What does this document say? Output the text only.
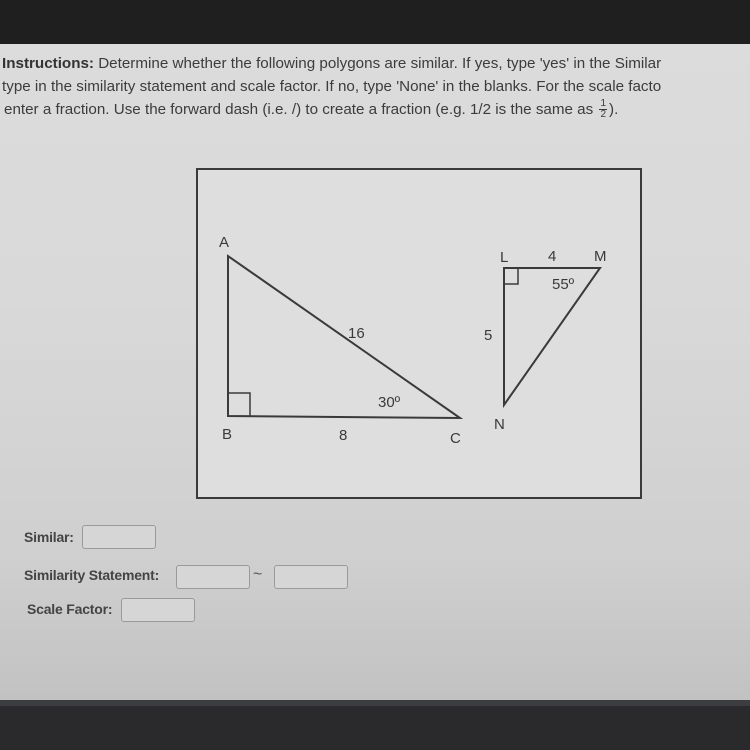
Instructions: Determine whether the following polygons are similar. If yes, type 'yes' in the Similar
type in the similarity statement and scale factor. If no, type 'None' in the blanks. For the scale facto
enter a fraction. Use the forward dash (i.e. /) to create a fraction (e.g. 1/2 is the same as $\frac{1}{2}$ ).
A
B	C
16
8
30º
L	M
N
4
5
55º
Similar:
Similarity Statement:	~
Scale Factor:
